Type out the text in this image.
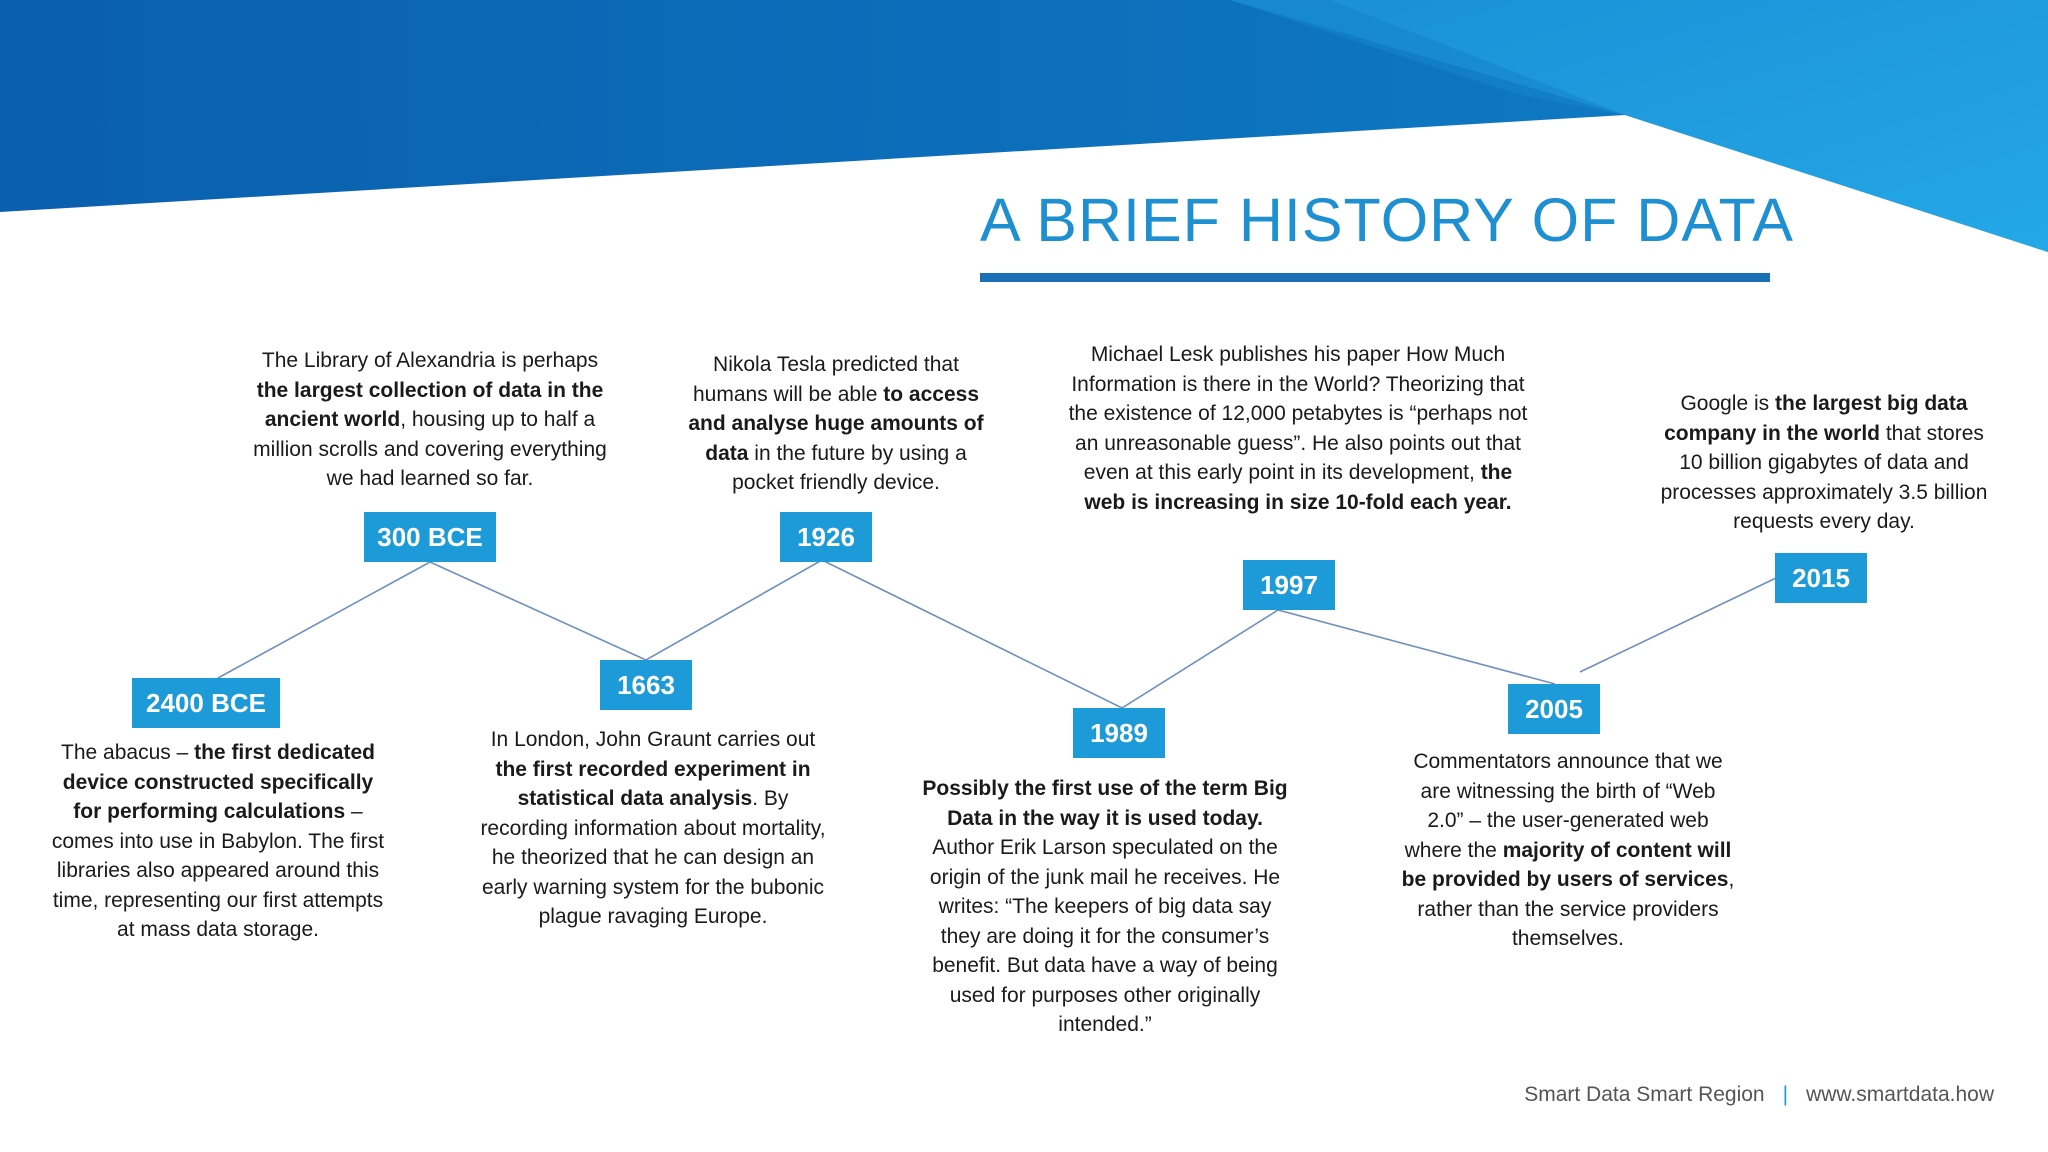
A BRIEF HISTORY OF DATA
2400 BCE
300 BCE
1663
1926
1989
1997
2005
2015
The abacus – the first dedicated device constructed specifically for performing calculations – comes into use in Babylon. The first libraries also appeared around this time, representing our first attempts at mass data storage.
The Library of Alexandria is perhaps the largest collection of data in the ancient world, housing up to half a million scrolls and covering everything we had learned so far.
In London, John Graunt carries out the first recorded experiment in statistical data analysis. By recording information about mortality, he theorized that he can design an early warning system for the bubonic plague ravaging Europe.
Nikola Tesla predicted that humans will be able to access and analyse huge amounts of data in the future by using a pocket friendly device.
Possibly the first use of the term Big Data in the way it is used today. Author Erik Larson speculated on the origin of the junk mail he receives. He writes: “The keepers of big data say they are doing it for the consumer’s benefit. But data have a way of being used for purposes other originally intended.”
Michael Lesk publishes his paper How Much Information is there in the World? Theorizing that the existence of 12,000 petabytes is “perhaps not an unreasonable guess”. He also points out that even at this early point in its development, the web is increasing in size 10-fold each year.
Commentators announce that we are witnessing the birth of “Web 2.0” – the user-generated web where the majority of content will be provided by users of services, rather than the service providers themselves.
Google is the largest big data company in the world that stores 10 billion gigabytes of data and processes approximately 3.5 billion requests every day.
Smart Data Smart Region | www.smartdata.how
